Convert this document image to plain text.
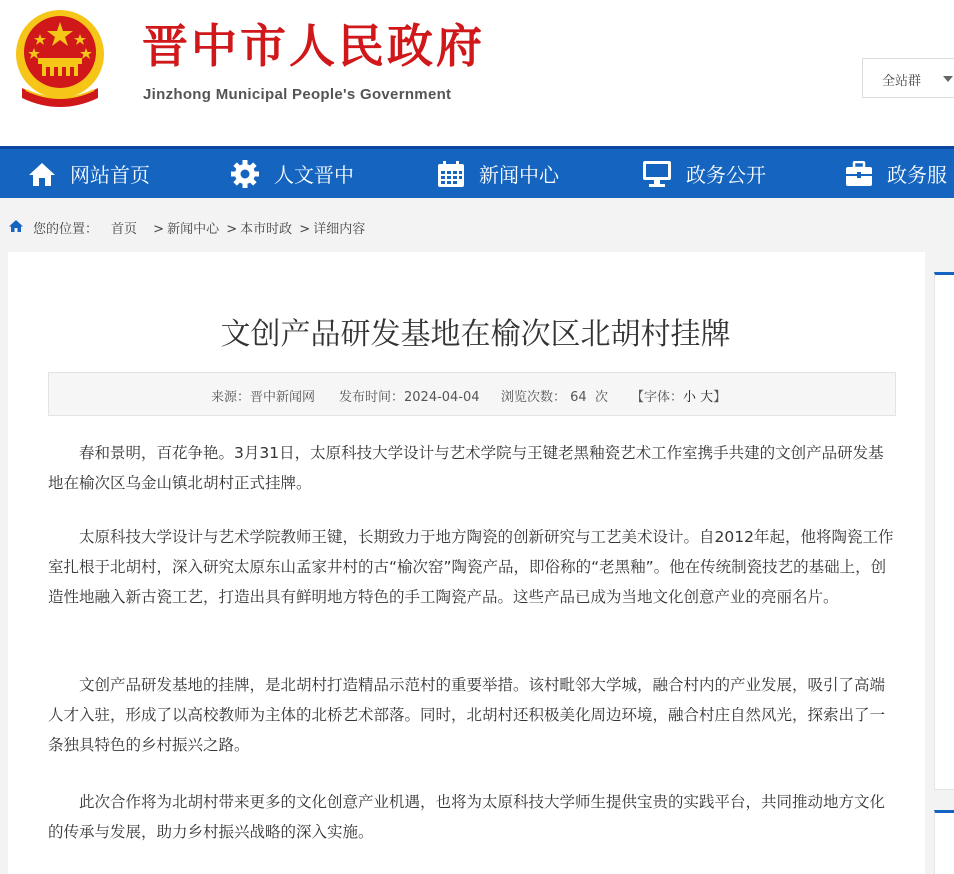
晋中市人民政府
Jinzhong Municipal People's Government
全站群
网站首页	人文晋中	新闻中心	政务公开	政务服
您的位置： 首页 > 新闻中心 > 本市时政 > 详细内容
文创产品研发基地在榆次区北胡村挂牌
来源：晋中新闻网 发布时间：2024-04-04 浏览次数： 64 次 【字体：小 大】

春和景明，百花争艳。3月31日，太原科技大学设计与艺术学院与王键老黑釉瓷艺术工作室携手共建的文创产品研发基地在榆次区乌金山镇北胡村正式挂牌。

太原科技大学设计与艺术学院教师王键，长期致力于地方陶瓷的创新研究与工艺美术设计。自2012年起，他将陶瓷工作室扎根于北胡村，深入研究太原东山孟家井村的古“榆次窑”陶瓷产品，即俗称的“老黑釉”。他在传统制瓷技艺的基础上，创造性地融入新古瓷工艺，打造出具有鲜明地方特色的手工陶瓷产品。这些产品已成为当地文化创意产业的亮丽名片。

文创产品研发基地的挂牌，是北胡村打造精品示范村的重要举措。该村毗邻大学城，融合村内的产业发展，吸引了高端人才入驻，形成了以高校教师为主体的北桥艺术部落。同时，北胡村还积极美化周边环境，融合村庄自然风光，探索出了一条独具特色的乡村振兴之路。

此次合作将为北胡村带来更多的文化创意产业机遇，也将为太原科技大学师生提供宝贵的实践平台，共同推动地方文化的传承与发展，助力乡村振兴战略的深入实施。
